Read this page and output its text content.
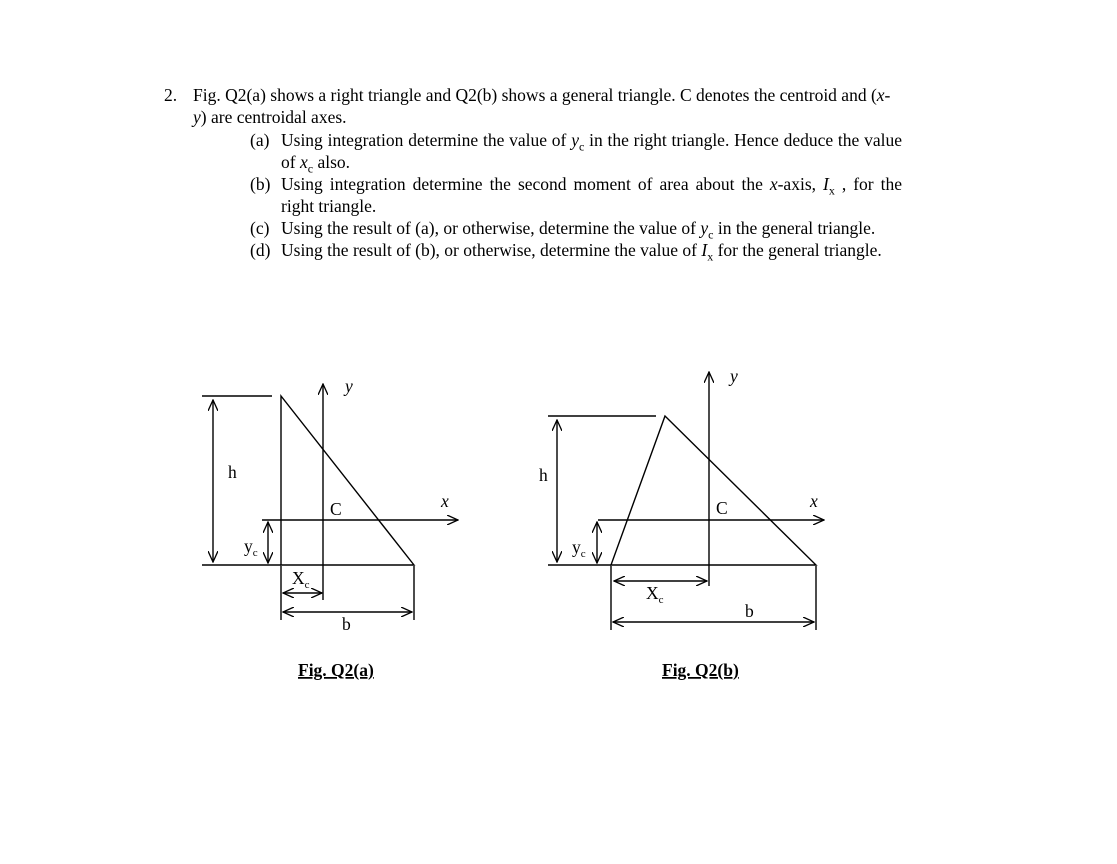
2. Fig. Q2(a) shows a right triangle and Q2(b) shows a general triangle. C denotes the centroid and (x-y) are centroidal axes.
(a) Using integration determine the value of $y_c$ in the right triangle. Hence deduce the value of $x_c$ also.
(b) Using integration determine the second moment of area about the x-axis, $I_x$ , for the right triangle.
(c) Using the result of (a), or otherwise, determine the value of $y_c$ in the general triangle.
(d) Using the result of (b), or otherwise, determine the value of $I_x$ for the general triangle.
h
y
x
C
b
$y_c$
$X_c$
Fig. Q2(a)
h
y
x
C
b
$y_c$
$X_c$
Fig. Q2(b)
